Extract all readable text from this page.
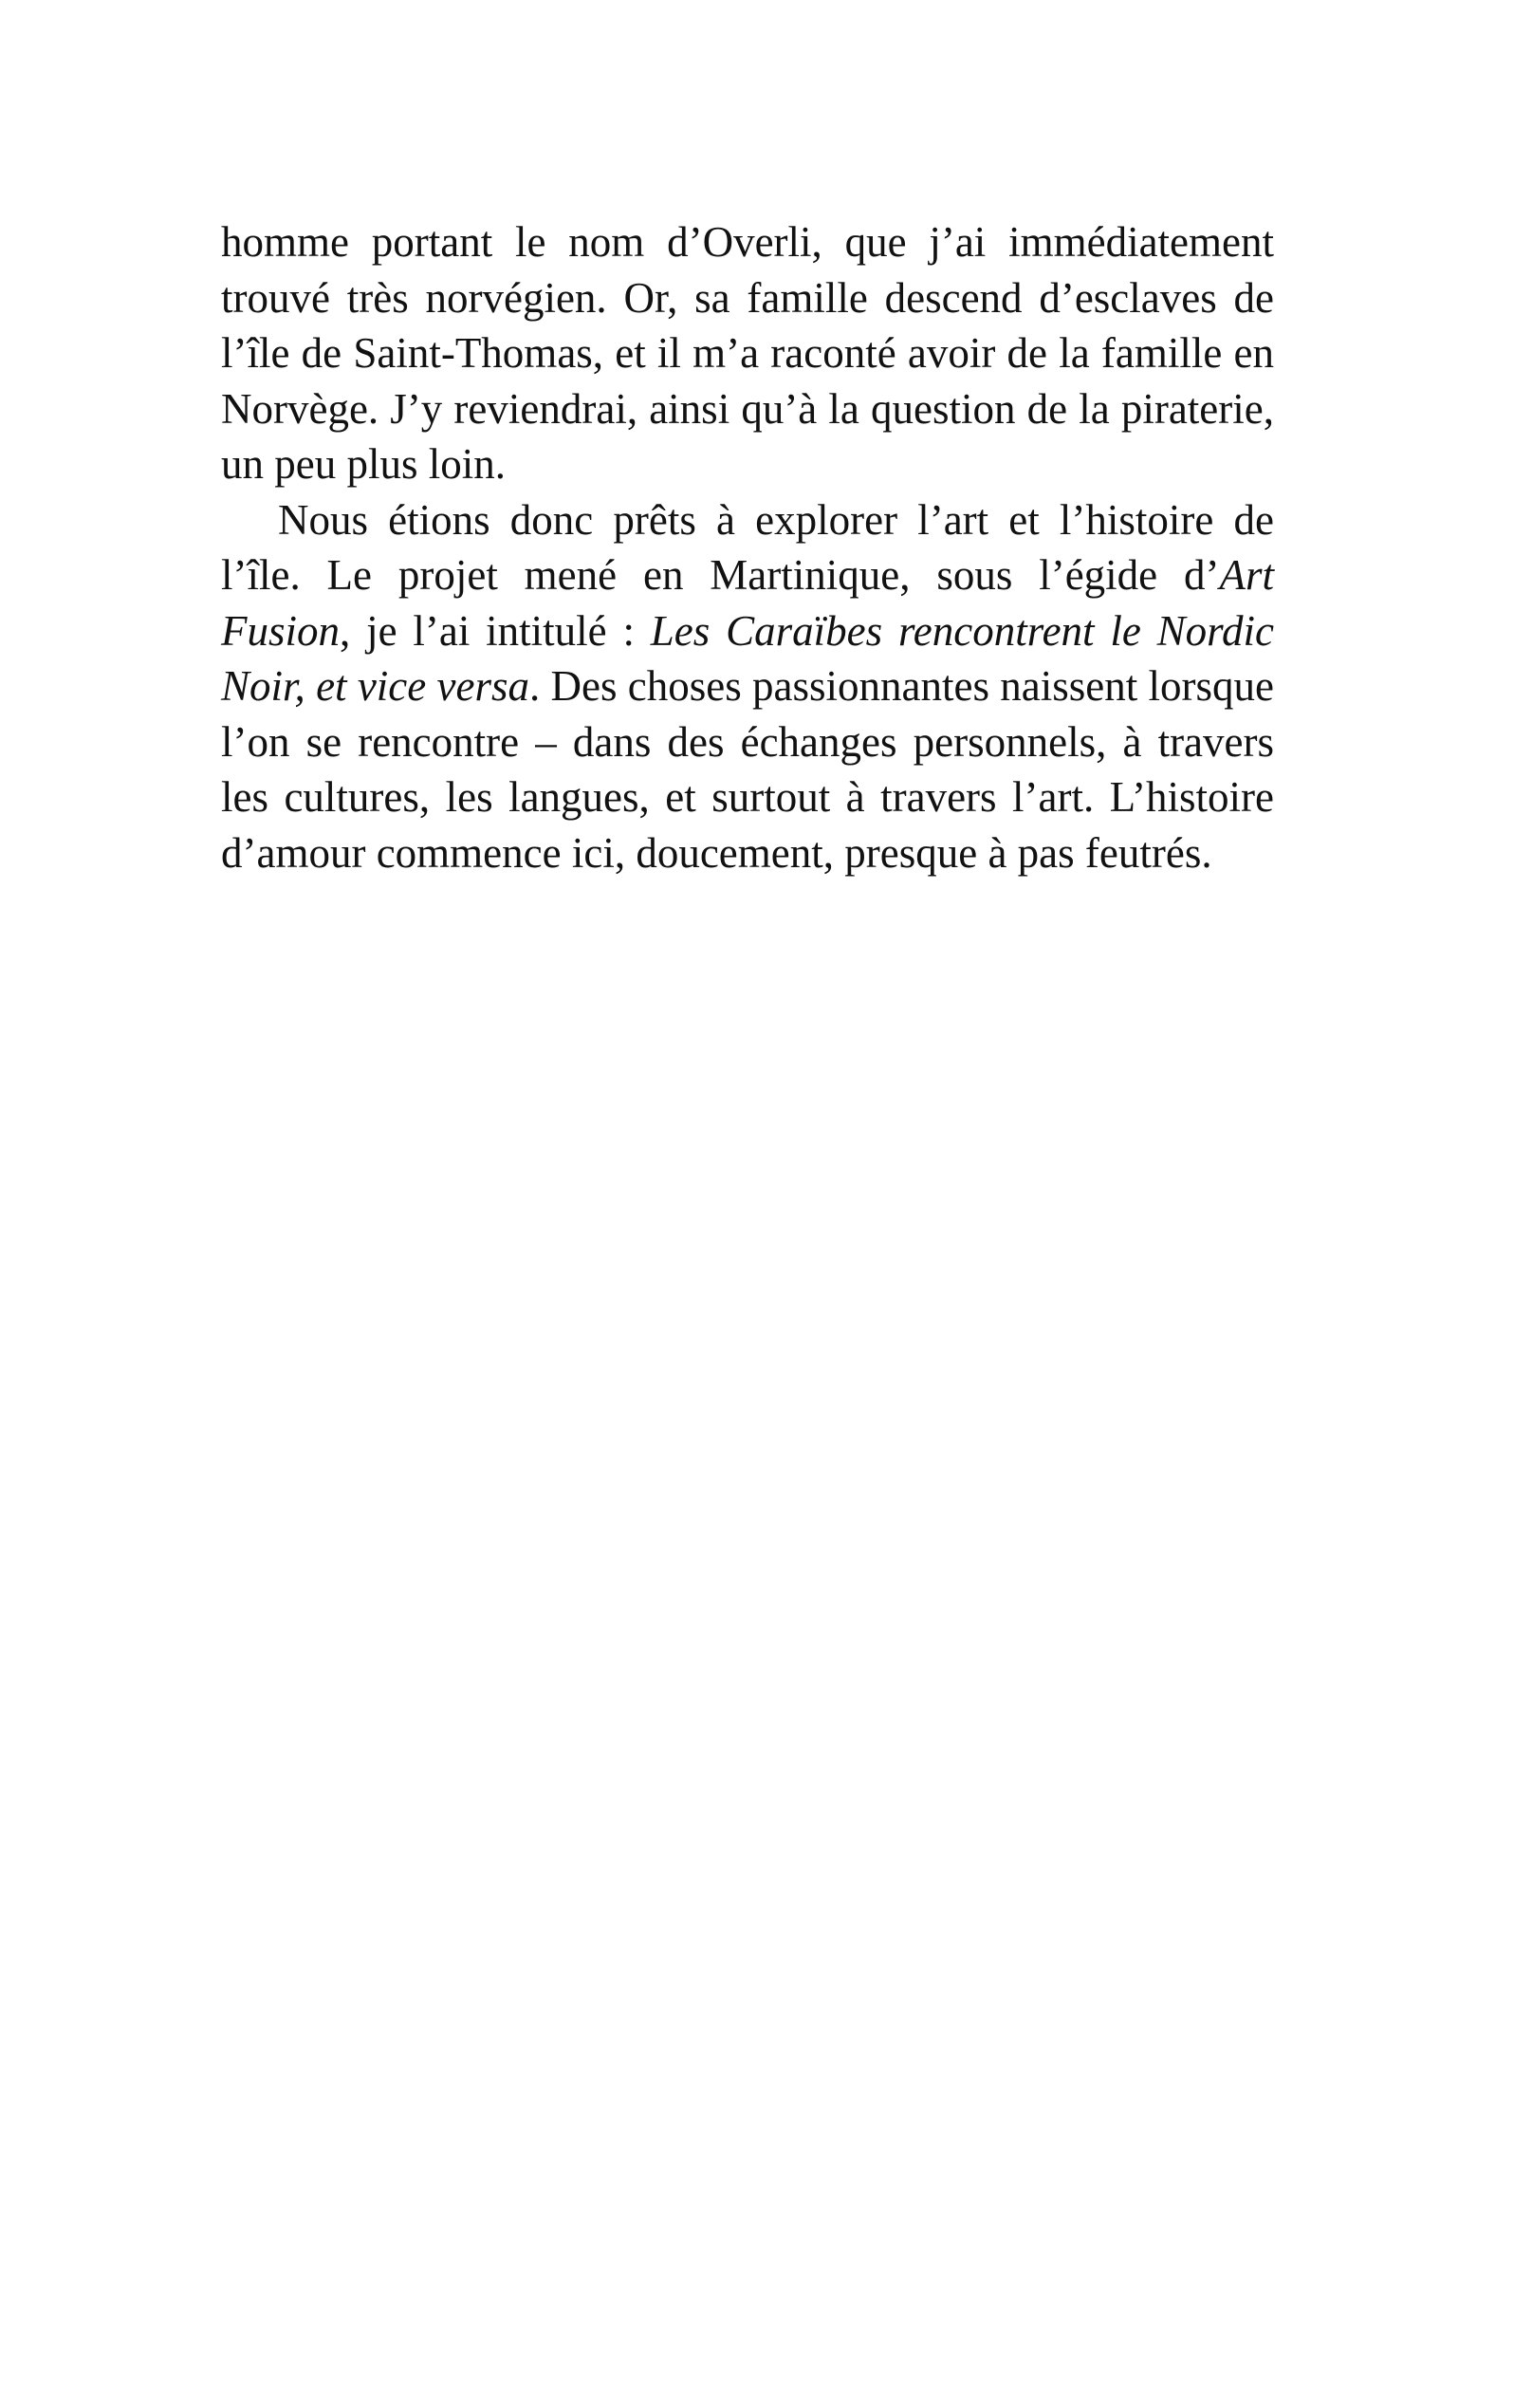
homme portant le nom d’Overli, que j’ai immédiatement trouvé très norvégien. Or, sa famille descend d’esclaves de l’île de Saint-Thomas, et il m’a raconté avoir de la famille en Norvège. J’y reviendrai, ainsi qu’à la question de la piraterie, un peu plus loin.

Nous étions donc prêts à explorer l’art et l’histoire de l’île. Le projet mené en Martinique, sous l’égide d’Art Fusion, je l’ai intitulé : Les Caraïbes rencontrent le Nordic Noir, et vice versa. Des choses passionnantes naissent lorsque l’on se rencontre – dans des échanges personnels, à travers les cultures, les langues, et surtout à travers l’art. L’histoire d’amour commence ici, doucement, presque à pas feutrés.
